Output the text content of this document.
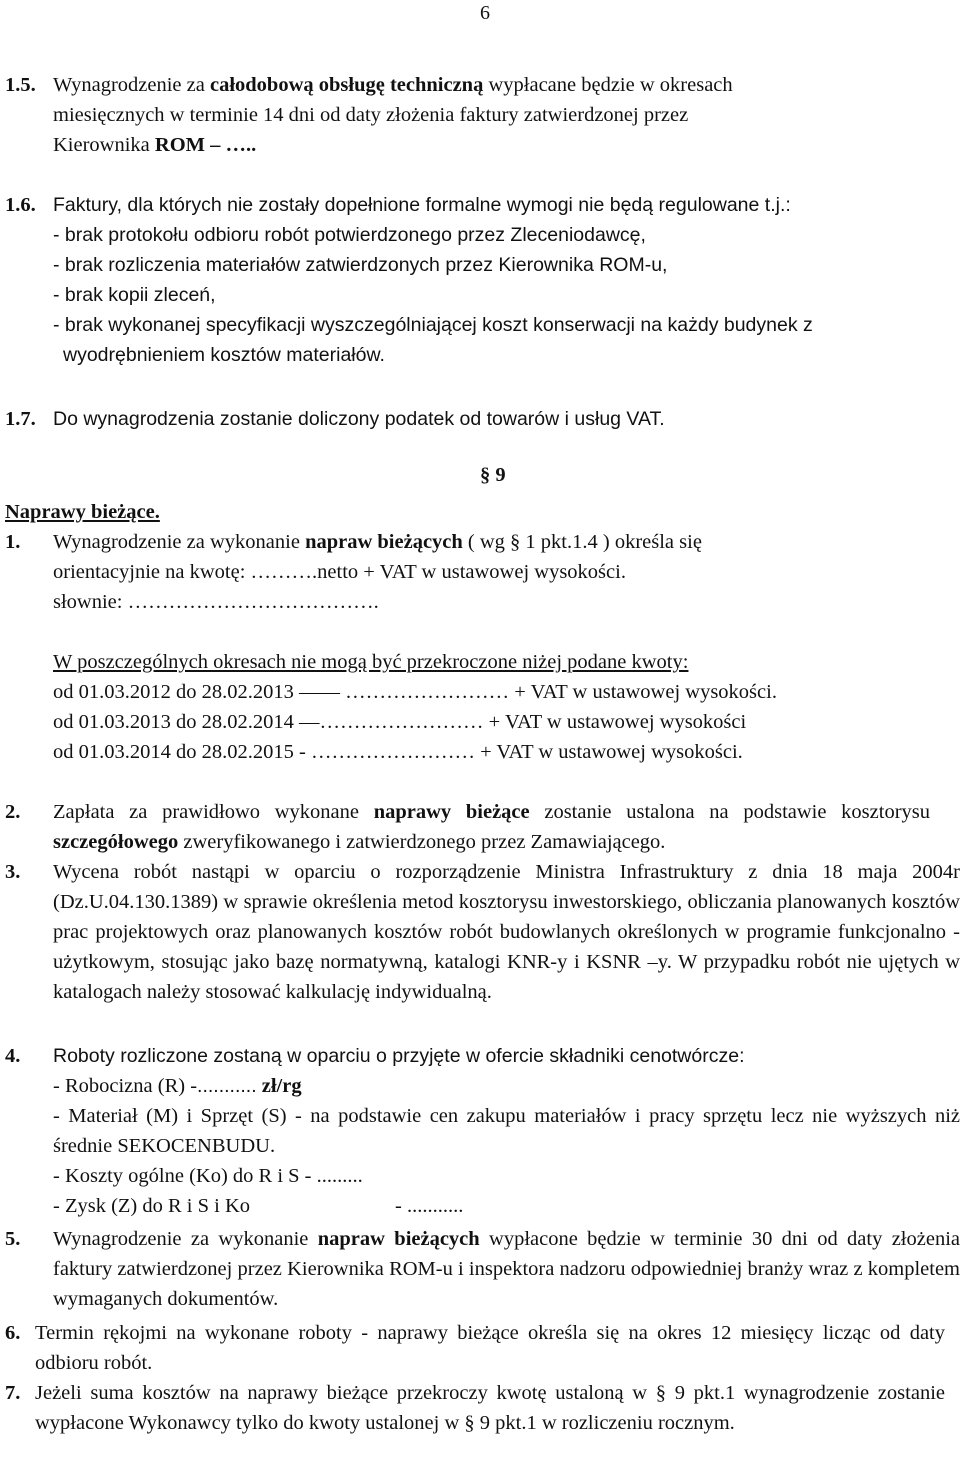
6
1.5. Wynagrodzenie za całodobową obsługę techniczną wypłacane będzie w okresach
miesięcznych w terminie 14 dni od daty złożenia faktury zatwierdzonej przez
Kierownika ROM – …..
1.6. Faktury, dla których nie zostały dopełnione formalne wymogi nie będą regulowane t.j.:
- brak protokołu odbioru robót potwierdzonego przez Zleceniodawcę,
- brak rozliczenia materiałów zatwierdzonych przez Kierownika ROM-u,
- brak kopii zleceń,
- brak wykonanej specyfikacji wyszczególniającej koszt konserwacji na każdy budynek z
wyodrębnieniem kosztów materiałów.
1.7. Do wynagrodzenia zostanie doliczony podatek od towarów i usług VAT.
§ 9
Naprawy bieżące.
1. Wynagrodzenie za wykonanie napraw bieżących ( wg § 1 pkt.1.4 ) określa się
orientacyjnie na kwotę: ……….netto + VAT w ustawowej wysokości.
słownie: ……………………………….
W poszczególnych okresach nie mogą być przekroczone niżej podane kwoty:
od 01.03.2012 do 28.02.2013 —— …………………… + VAT w ustawowej wysokości.
od 01.03.2013 do 28.02.2014 —…………………… + VAT w ustawowej wysokości
od 01.03.2014 do 28.02.2015 - …………………… + VAT w ustawowej wysokości.
2.	Zapłata za prawidłowo wykonane naprawy bieżące zostanie ustalona na podstawie kosztorysu szczegółowego zweryfikowanego i zatwierdzonego przez Zamawiającego.
3.	Wycena robót nastąpi w oparciu o rozporządzenie Ministra Infrastruktury z dnia 18 maja 2004r (Dz.U.04.130.1389) w sprawie określenia metod kosztorysu inwestorskiego, obliczania planowanych kosztów prac projektowych oraz planowanych kosztów robót budowlanych określonych w programie funkcjonalno - użytkowym, stosując jako bazę normatywną, katalogi KNR-y i KSNR –y. W przypadku robót nie ujętych w katalogach należy stosować kalkulację indywidualną.
4.	Roboty rozliczone zostaną w oparciu o przyjęte w ofercie składniki cenotwórcze:
- Robocizna (R) -........... zł/rg
- Materiał (M) i Sprzęt (S) - na podstawie cen zakupu materiałów i pracy sprzętu lecz nie wyższych niż średnie SEKOCENBUDU.
- Koszty ogólne (Ko) do R i S - .........
- Zysk (Z) do R i S i Ko	- ...........
5.	Wynagrodzenie za wykonanie napraw bieżących wypłacone będzie w terminie 30 dni od daty złożenia faktury zatwierdzonej przez Kierownika ROM-u i inspektora nadzoru odpowiedniej branży wraz z kompletem wymaganych dokumentów.
6. Termin rękojmi na wykonane roboty - naprawy bieżące określa się na okres 12 miesięcy licząc od daty odbioru robót.
7. Jeżeli suma kosztów na naprawy bieżące przekroczy kwotę ustaloną w § 9 pkt.1 wynagrodzenie zostanie wypłacone Wykonawcy tylko do kwoty ustalonej w § 9 pkt.1 w rozliczeniu rocznym.
